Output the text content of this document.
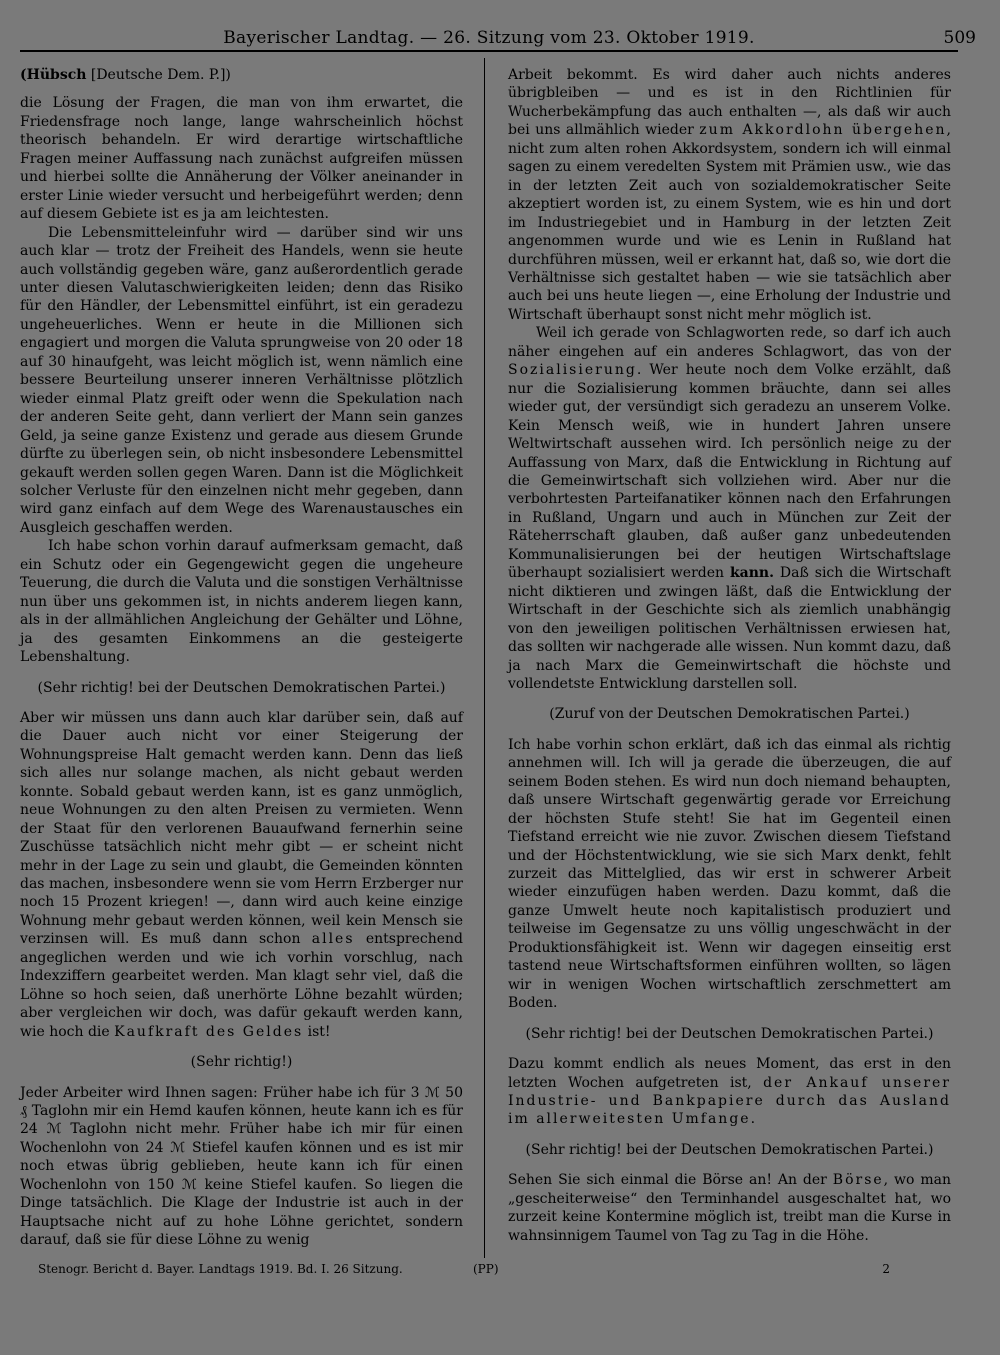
Bayerischer Landtag. — 26. Sitzung vom 23. Oktober 1919.	509

(Hübsch [Deutsche Dem. P.])

die Lösung der Fragen, die man von ihm erwartet, die Friedensfrage noch lange, lange wahrscheinlich höchst theorisch behandeln. Er wird derartige wirtschaftliche Fragen meiner Auffassung nach zunächst aufgreifen müssen und hierbei sollte die Annäherung der Völker aneinander in erster Linie wieder versucht und herbeigeführt werden; denn auf diesem Gebiete ist es ja am leichtesten.

Die Lebensmitteleinfuhr wird — darüber sind wir uns auch klar — trotz der Freiheit des Handels, wenn sie heute auch vollständig gegeben wäre, ganz außerordentlich gerade unter diesen Valutaschwierigkeiten leiden; denn das Risiko für den Händler, der Lebensmittel einführt, ist ein geradezu ungeheuerliches. Wenn er heute in die Millionen sich engagiert und morgen die Valuta sprungweise von 20 oder 18 auf 30 hinaufgeht, was leicht möglich ist, wenn nämlich eine bessere Beurteilung unserer inneren Verhältnisse plötzlich wieder einmal Platz greift oder wenn die Spekulation nach der anderen Seite geht, dann verliert der Mann sein ganzes Geld, ja seine ganze Existenz und gerade aus diesem Grunde dürfte zu überlegen sein, ob nicht insbesondere Lebensmittel gekauft werden sollen gegen Waren. Dann ist die Möglichkeit solcher Verluste für den einzelnen nicht mehr gegeben, dann wird ganz einfach auf dem Wege des Warenaustausches ein Ausgleich geschaffen werden.

Ich habe schon vorhin darauf aufmerksam gemacht, daß ein Schutz oder ein Gegengewicht gegen die ungeheure Teuerung, die durch die Valuta und die sonstigen Verhältnisse nun über uns gekommen ist, in nichts anderem liegen kann, als in der allmählichen Angleichung der Gehälter und Löhne, ja des gesamten Einkommens an die gesteigerte Lebenshaltung.

(Sehr richtig! bei der Deutschen Demokratischen Partei.)

Aber wir müssen uns dann auch klar darüber sein, daß auf die Dauer auch nicht vor einer Steigerung der Wohnungspreise Halt gemacht werden kann. Denn das ließ sich alles nur solange machen, als nicht gebaut werden konnte. Sobald gebaut werden kann, ist es ganz unmöglich, neue Wohnungen zu den alten Preisen zu vermieten. Wenn der Staat für den verlorenen Bauaufwand fernerhin seine Zuschüsse tatsächlich nicht mehr gibt — er scheint nicht mehr in der Lage zu sein und glaubt, die Gemeinden könnten das machen, insbesondere wenn sie vom Herrn Erzberger nur noch 15 Prozent kriegen! —, dann wird auch keine einzige Wohnung mehr gebaut werden können, weil kein Mensch sie verzinsen will. Es muß dann schon alles entsprechend angeglichen werden und wie ich vorhin vorschlug, nach Indexziffern gearbeitet werden. Man klagt sehr viel, daß die Löhne so hoch seien, daß unerhörte Löhne bezahlt würden; aber vergleichen wir doch, was dafür gekauft werden kann, wie hoch die Kaufkraft des Geldes ist!

(Sehr richtig!)

Jeder Arbeiter wird Ihnen sagen: Früher habe ich für 3 ℳ 50 ₰ Taglohn mir ein Hemd kaufen können, heute kann ich es für 24 ℳ Taglohn nicht mehr. Früher habe ich mir für einen Wochenlohn von 24 ℳ Stiefel kaufen können und es ist mir noch etwas übrig geblieben, heute kann ich für einen Wochenlohn von 150 ℳ keine Stiefel kaufen. So liegen die Dinge tatsächlich. Die Klage der Industrie ist auch in der Hauptsache nicht auf zu hohe Löhne gerichtet, sondern darauf, daß sie für diese Löhne zu wenig

Arbeit bekommt. Es wird daher auch nichts anderes übrigbleiben — und es ist in den Richtlinien für Wucherbekämpfung das auch enthalten —, als daß wir auch bei uns allmählich wieder zum Akkordlohn übergehen, nicht zum alten rohen Akkordsystem, sondern ich will einmal sagen zu einem veredelten System mit Prämien usw., wie das in der letzten Zeit auch von sozialdemokratischer Seite akzeptiert worden ist, zu einem System, wie es hin und dort im Industriegebiet und in Hamburg in der letzten Zeit angenommen wurde und wie es Lenin in Rußland hat durchführen müssen, weil er erkannt hat, daß so, wie dort die Verhältnisse sich gestaltet haben — wie sie tatsächlich aber auch bei uns heute liegen —, eine Erholung der Industrie und Wirtschaft überhaupt sonst nicht mehr möglich ist.

Weil ich gerade von Schlagworten rede, so darf ich auch näher eingehen auf ein anderes Schlagwort, das von der Sozialisierung. Wer heute noch dem Volke erzählt, daß nur die Sozialisierung kommen bräuchte, dann sei alles wieder gut, der versündigt sich geradezu an unserem Volke. Kein Mensch weiß, wie in hundert Jahren unsere Weltwirtschaft aussehen wird. Ich persönlich neige zu der Auffassung von Marx, daß die Entwicklung in Richtung auf die Gemeinwirtschaft sich vollziehen wird. Aber nur die verbohrtesten Parteifanatiker können nach den Erfahrungen in Rußland, Ungarn und auch in München zur Zeit der Räteherrschaft glauben, daß außer ganz unbedeutenden Kommunalisierungen bei der heutigen Wirtschaftslage überhaupt sozialisiert werden kann. Daß sich die Wirtschaft nicht diktieren und zwingen läßt, daß die Entwicklung der Wirtschaft in der Geschichte sich als ziemlich unabhängig von den jeweiligen politischen Verhältnissen erwiesen hat, das sollten wir nachgerade alle wissen. Nun kommt dazu, daß ja nach Marx die Gemeinwirtschaft die höchste und vollendetste Entwicklung darstellen soll.

(Zuruf von der Deutschen Demokratischen Partei.)

Ich habe vorhin schon erklärt, daß ich das einmal als richtig annehmen will. Ich will ja gerade die überzeugen, die auf seinem Boden stehen. Es wird nun doch niemand behaupten, daß unsere Wirtschaft gegenwärtig gerade vor Erreichung der höchsten Stufe steht! Sie hat im Gegenteil einen Tiefstand erreicht wie nie zuvor. Zwischen diesem Tiefstand und der Höchstentwicklung, wie sie sich Marx denkt, fehlt zurzeit das Mittelglied, das wir erst in schwerer Arbeit wieder einzufügen haben werden. Dazu kommt, daß die ganze Umwelt heute noch kapitalistisch produziert und teilweise im Gegensatze zu uns völlig ungeschwächt in der Produktionsfähigkeit ist. Wenn wir dagegen einseitig erst tastend neue Wirtschaftsformen einführen wollten, so lägen wir in wenigen Wochen wirtschaftlich zerschmettert am Boden.

(Sehr richtig! bei der Deutschen Demokratischen Partei.)

Dazu kommt endlich als neues Moment, das erst in den letzten Wochen aufgetreten ist, der Ankauf unserer Industrie- und Bankpapiere durch das Ausland im allerweitesten Umfange.

(Sehr richtig! bei der Deutschen Demokratischen Partei.)

Sehen Sie sich einmal die Börse an! An der Börse, wo man „gescheiterweise“ den Terminhandel ausgeschaltet hat, wo zurzeit keine Kontermine möglich ist, treibt man die Kurse in wahnsinnigem Taumel von Tag zu Tag in die Höhe.

Stenogr. Bericht d. Bayer. Landtags 1919. Bd. I. 26 Sitzung.	(PP)	2
